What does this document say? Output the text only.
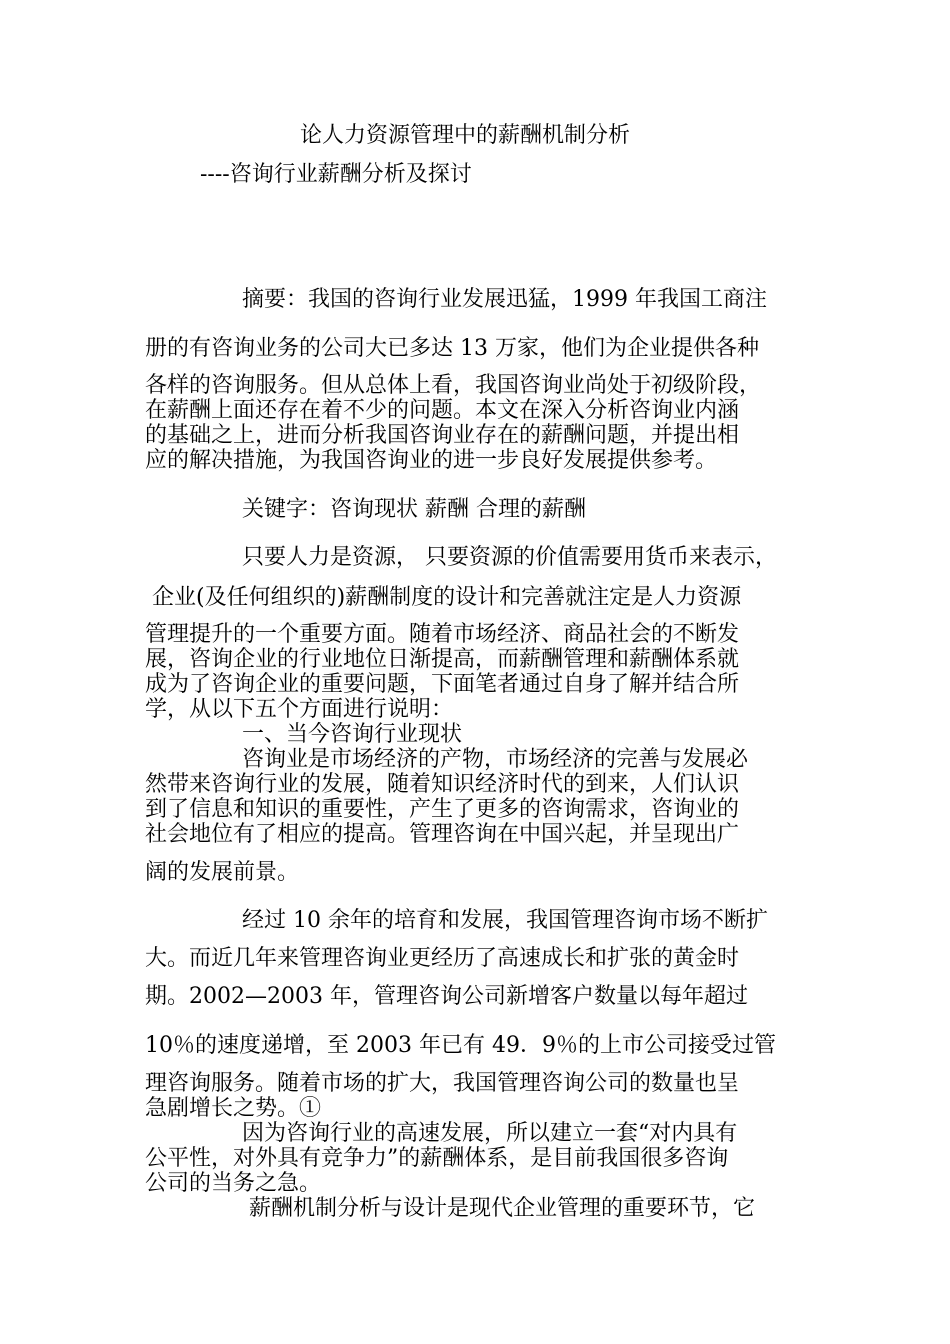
论人力资源管理中的薪酬机制分析
----咨询行业薪酬分析及探讨
摘要：我国的咨询行业发展迅猛，1999 年我国工商注
册的有咨询业务的公司大已多达 13 万家，他们为企业提供各种
各样的咨询服务。但从总体上看，我国咨询业尚处于初级阶段，
在薪酬上面还存在着不少的问题。本文在深入分析咨询业内涵
的基础之上，进而分析我国咨询业存在的薪酬问题，并提出相
应的解决措施，为我国咨询业的进一步良好发展提供参考。
关键字：咨询现状 薪酬 合理的薪酬
只要人力是资源， 只要资源的价值需要用货币来表示，
企业(及任何组织的)薪酬制度的设计和完善就注定是人力资源
管理提升的一个重要方面。随着市场经济、商品社会的不断发
展，咨询企业的行业地位日渐提高，而薪酬管理和薪酬体系就
成为了咨询企业的重要问题，下面笔者通过自身了解并结合所
学，从以下五个方面进行说明：
一、当今咨询行业现状
咨询业是市场经济的产物，市场经济的完善与发展必
然带来咨询行业的发展，随着知识经济时代的到来，人们认识
到了信息和知识的重要性，产生了更多的咨询需求，咨询业的
社会地位有了相应的提高。管理咨询在中国兴起，并呈现出广
阔的发展前景。
经过 10 余年的培育和发展，我国管理咨询市场不断扩
大。而近几年来管理咨询业更经历了高速成长和扩张的黄金时
期。2002—2003 年，管理咨询公司新增客户数量以每年超过
10％的速度递增，至 2003 年已有 49．9％的上市公司接受过管
理咨询服务。随着市场的扩大，我国管理咨询公司的数量也呈
急剧增长之势。①
因为咨询行业的高速发展，所以建立一套“对内具有
公平性，对外具有竞争力”的薪酬体系，是目前我国很多咨询
公司的当务之急。
薪酬机制分析与设计是现代企业管理的重要环节，它
